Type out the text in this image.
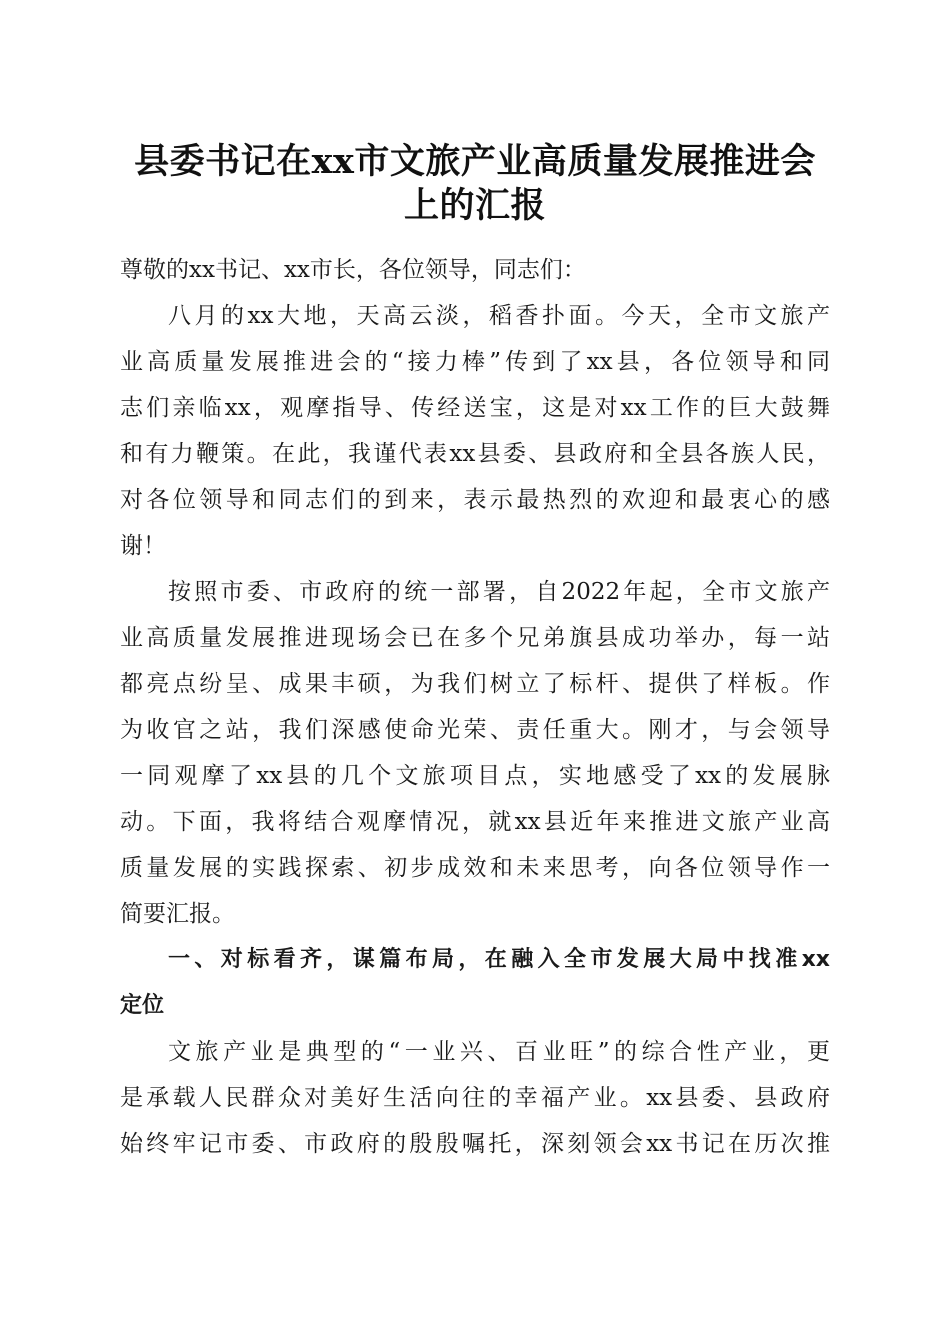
县委书记在xx市文旅产业高质量发展推进会
上的汇报
尊敬的xx书记、xx市长，各位领导，同志们：
八月的xx大地，天高云淡，稻香扑面。今天，全市文旅产
业高质量发展推进会的“接力棒”传到了xx县，各位领导和同
志们亲临xx，观摩指导、传经送宝，这是对xx工作的巨大鼓舞
和有力鞭策。在此，我谨代表xx县委、县政府和全县各族人民，
对各位领导和同志们的到来，表示最热烈的欢迎和最衷心的感
谢！
按照市委、市政府的统一部署，自2022年起，全市文旅产
业高质量发展推进现场会已在多个兄弟旗县成功举办，每一站
都亮点纷呈、成果丰硕，为我们树立了标杆、提供了样板。作
为收官之站，我们深感使命光荣、责任重大。刚才，与会领导
一同观摩了xx县的几个文旅项目点，实地感受了xx的发展脉
动。下面，我将结合观摩情况，就xx县近年来推进文旅产业高
质量发展的实践探索、初步成效和未来思考，向各位领导作一
简要汇报。
一、对标看齐，谋篇布局，在融入全市发展大局中找准xx
定位
文旅产业是典型的“一业兴、百业旺”的综合性产业，更
是承载人民群众对美好生活向往的幸福产业。xx县委、县政府
始终牢记市委、市政府的殷殷嘱托，深刻领会xx书记在历次推
